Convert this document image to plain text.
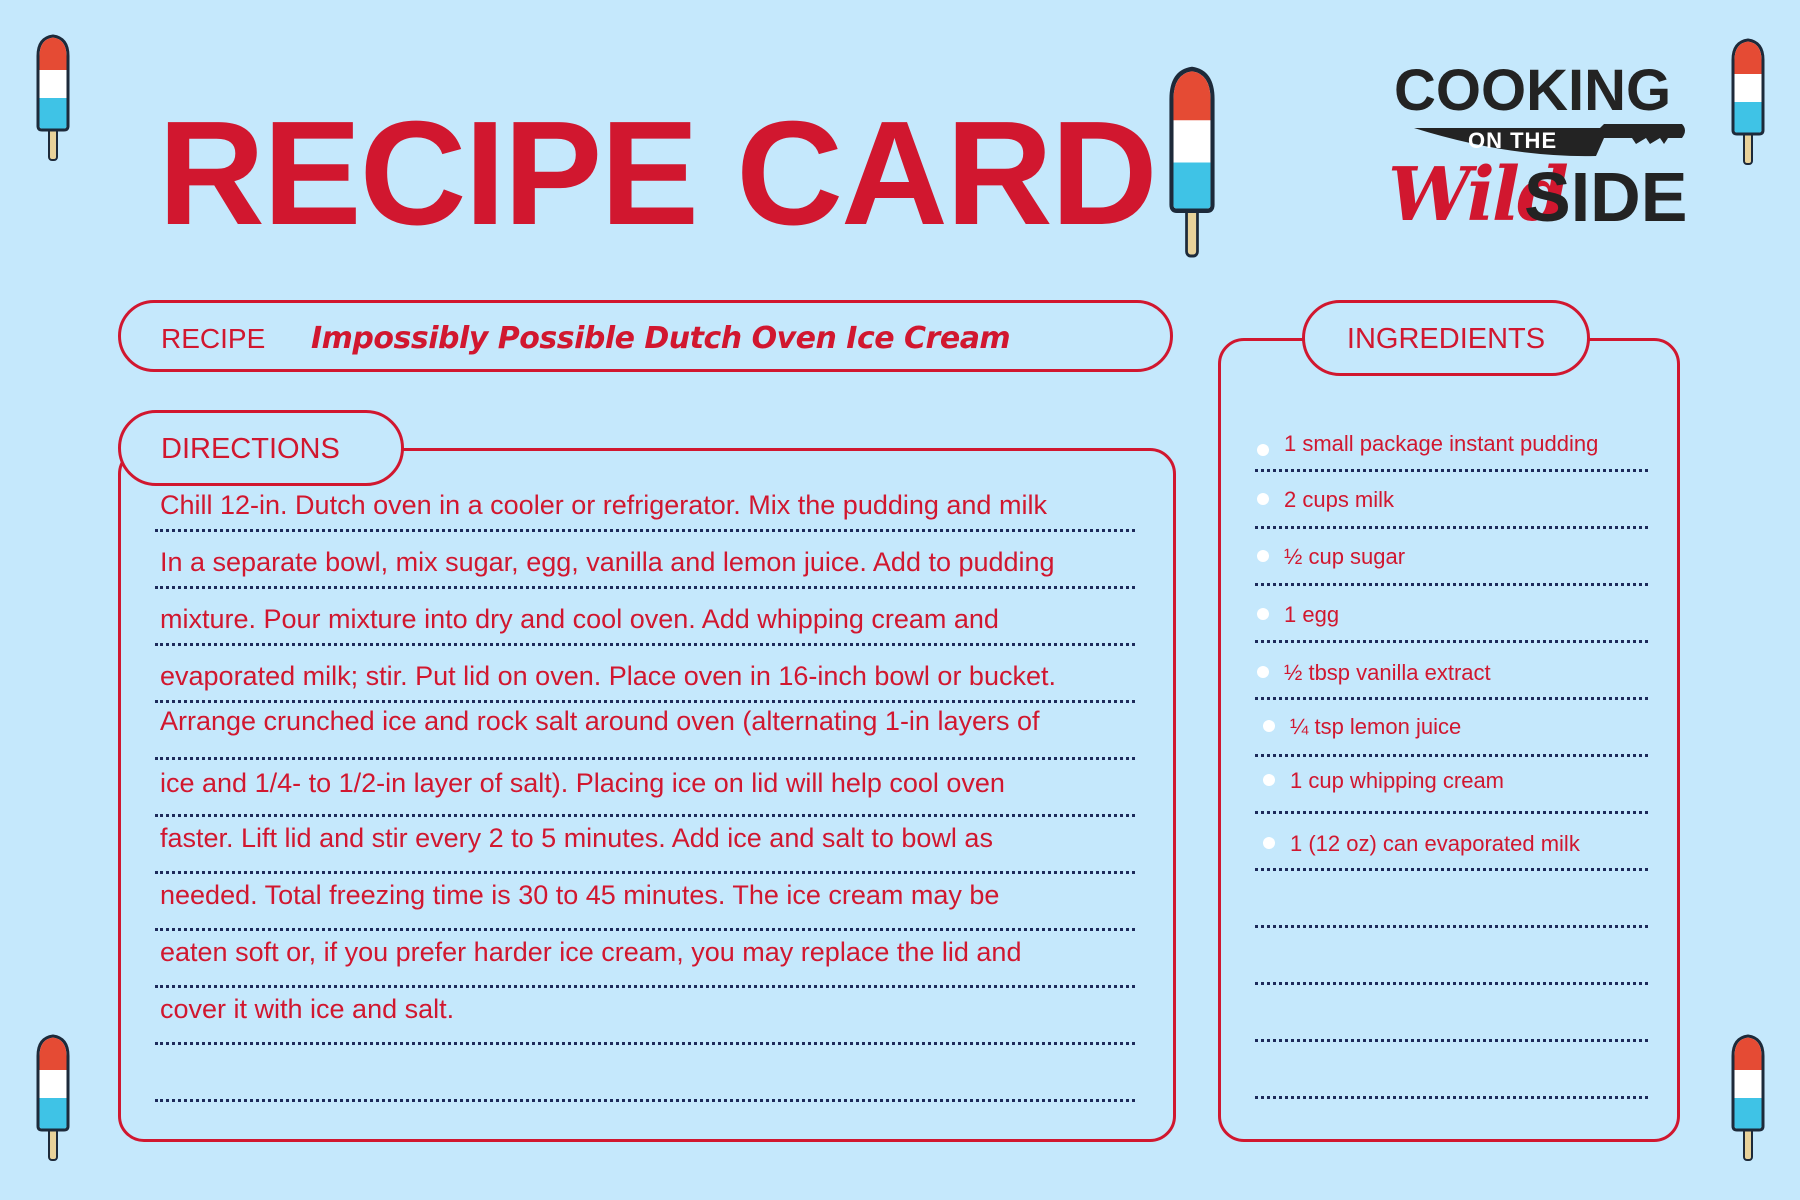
RECIPE CARD
COOKING
ON THE
Wild
SIDE
RECIPE Impossibly Possible Dutch Oven Ice Cream
DIRECTIONS
Chill 12-in. Dutch oven in a cooler or refrigerator. Mix the pudding and milk
In a separate bowl, mix sugar, egg, vanilla and lemon juice. Add to pudding
mixture. Pour mixture into dry and cool oven. Add whipping cream and
evaporated milk; stir. Put lid on oven. Place oven in 16-inch bowl or bucket.
Arrange crunched ice and rock salt around oven (alternating 1-in layers of
ice and 1/4- to 1/2-in layer of salt). Placing ice on lid will help cool oven
faster. Lift lid and stir every 2 to 5 minutes. Add ice and salt to bowl as
needed. Total freezing time is 30 to 45 minutes. The ice cream may be
eaten soft or, if you prefer harder ice cream, you may replace the lid and
cover it with ice and salt.
INGREDIENTS
1 small package instant pudding
2 cups milk
½ cup sugar
1 egg
½ tbsp vanilla extract
¼ tsp lemon juice
1 cup whipping cream
1 (12 oz) can evaporated milk
